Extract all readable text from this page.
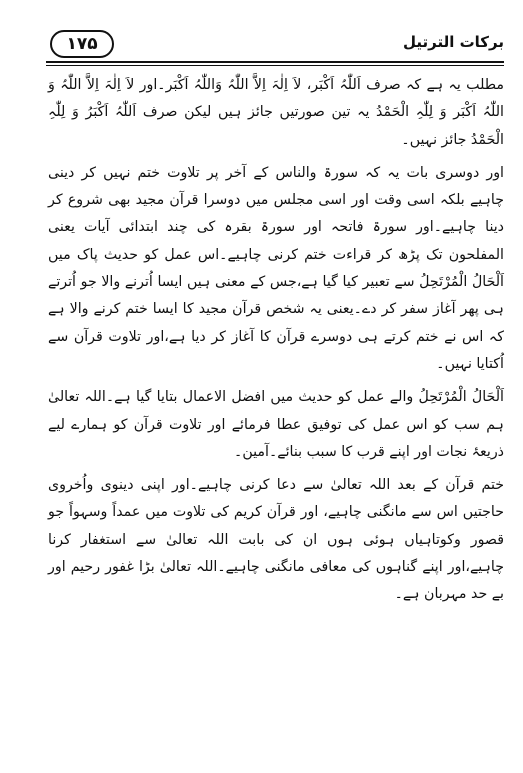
برکات الترتیل
۱۷۵

مطلب یہ ہے کہ صرف اَللّٰہُ اَکْبَر، لاَ اِلٰہَ اِلاَّ اللّٰہُ وَاللّٰہُ اَکْبَر۔اور لاَ اِلٰہَ اِلاَّ اللّٰہُ وَ اللّٰہُ اَکْبَر وَ لِلّٰہِ الْحَمْدُ یہ تین صورتیں جائز ہیں لیکن صرف اَللّٰہُ اَکْبَرُ وَ لِلّٰہِ الْحَمْدُ جائز نہیں۔

اور دوسری بات یہ کہ سورۃ والناس کے آخر پر تلاوت ختم نہیں کر دینی چاہیے بلکہ اسی وقت اور اسی مجلس میں دوسرا قرآن مجید بھی شروع کر دینا چاہیے۔اور سورۃ فاتحہ اور سورۃ بقرہ کی چند ابتدائی آیات یعنی المفلحون تک پڑھ کر قراءت ختم کرنی چاہیے۔اس عمل کو حدیث پاک میں اَلْحَالُ الْمُرْتَحِلُ سے تعبیر کیا گیا ہے،جس کے معنی ہیں ایسا اُترنے والا جو اُترتے ہی پھر آغاز سفر کر دے۔یعنی یہ شخص قرآن مجید کا ایسا ختم کرنے والا ہے کہ اس نے ختم کرتے ہی دوسرے قرآن کا آغاز کر دیا ہے،اور تلاوت قرآن سے اُکتایا نہیں۔

اَلْحَالُ الْمُرْتَحِلُ والے عمل کو حدیث میں افضل الاعمال بتایا گیا ہے۔اللہ تعالیٰ ہم سب کو اس عمل کی توفیق عطا فرمائے اور تلاوت قرآن کو ہمارے لیے ذریعۂ نجات اور اپنے قرب کا سبب بنائے۔آمین۔

ختم قرآن کے بعد اللہ تعالیٰ سے دعا کرنی چاہیے۔اور اپنی دینوی واُخروی حاجتیں اس سے مانگنی چاہیے، اور قرآن کریم کی تلاوت میں عمداً وسہواً جو قصور وکوتاہیاں ہوئی ہوں ان کی بابت اللہ تعالیٰ سے استغفار کرنا چاہیے،اور اپنے گناہوں کی معافی مانگنی چاہیے۔اللہ تعالیٰ بڑا غفور رحیم اور بے حد مہربان ہے۔
